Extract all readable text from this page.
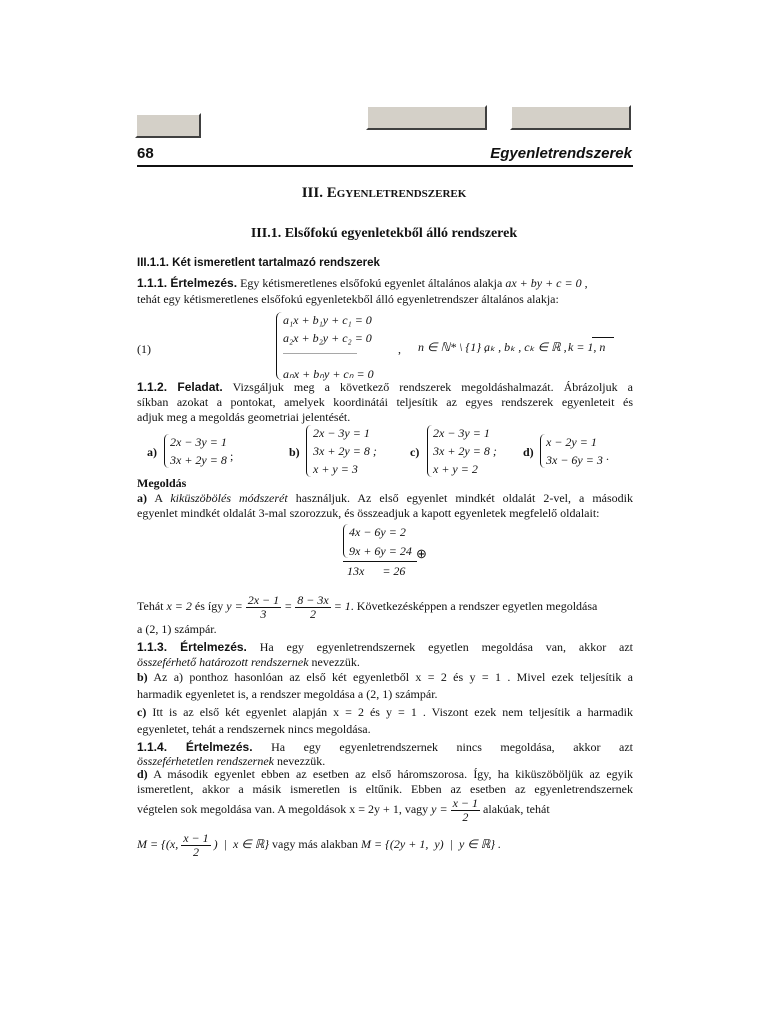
68	Egyenletrendszerek
III. EGYENLETRENDSZEREK
III.1. Elsőfokú egyenletekből álló rendszerek
III.1.1. Két ismeretlent tartalmazó rendszerek
1.1.1. Értelmezés. Egy kétismeretlenes elsőfokú egyenlet általános alakja ax + by + c = 0 ,
tehát egy kétismeretlenes elsőfokú egyenletekből álló egyenletrendszer általános alakja:
(1)
a₁x + b₁y + c₁ = 0
a₂x + b₂y + c₂ = 0
.....................................
aₙx + bₙy + cₙ = 0
, n ∈ ℕ* \ {1} ,
aₖ , bₖ , cₖ ∈ ℝ , k = 1, n
1.1.2. Feladat. Vizsgáljuk meg a következő rendszerek megoldáshalmazát. Ábrázoljuk a
síkban azokat a pontokat, amelyek koordinátái teljesítik az egyes rendszerek egyenleteit és
adjuk meg a megoldás geometriai jelentését.
a)
2x − 3y = 1
3x + 2y = 8 ;	b)
2x − 3y = 1
3x + 2y = 8 ;
x + y = 3
c)
2x − 3y = 1
3x + 2y = 8 ;
x + y = 2
d)
x − 2y = 1
3x − 6y = 3 .
Megoldás
a) A kiküszöbölés módszerét használjuk. Az első egyenlet mindkét oldalát 2-vel, a második
egyenlet mindkét oldalát 3-mal szorozzuk, és összeadjuk a kapott egyenletek megfelelő oldalait:
4x − 6y = 2
9x + 6y = 24 ⊕
13x      = 26
Tehát x = 2 és így $y = \frac{2x - 1}{3} = \frac{8 - 3x}{2} = 1$. Következésképpen a rendszer egyetlen megoldása
a (2, 1) számpár.
1.1.3. Értelmezés. Ha egy egyenletrendszernek egyetlen megoldása van, akkor azt
összeférhető határozott rendszernek nevezzük.
b) Az a) ponthoz hasonlóan az első két egyenletből x = 2 és y = 1 . Mivel ezek teljesítik a
harmadik egyenletet is, a rendszer megoldása a (2, 1) számpár.
c) Itt is az első két egyenlet alapján x = 2 és y = 1 . Viszont ezek nem teljesítik a harmadik
egyenletet, tehát a rendszernek nincs megoldása.
1.1.4. Értelmezés. Ha egy egyenletrendszernek nincs megoldása, akkor azt
összeférhetetlen rendszernek nevezzük.
d) A második egyenlet ebben az esetben az első háromszorosa. Így, ha kiküszöböljük az egyik
ismeretlent, akkor a másik ismeretlen is eltűnik. Ebben az esetben az egyenletrendszernek
végtelen sok megoldása van. A megoldások x = 2y + 1, vagy $y = \frac{x - 1}{2}$ alakúak, tehát
M = {(x, $\frac{x - 1}{2}$ )  |  x ∈ ℝ} vagy más alakban M = {(2y + 1,  y)  |  y ∈ ℝ} .
